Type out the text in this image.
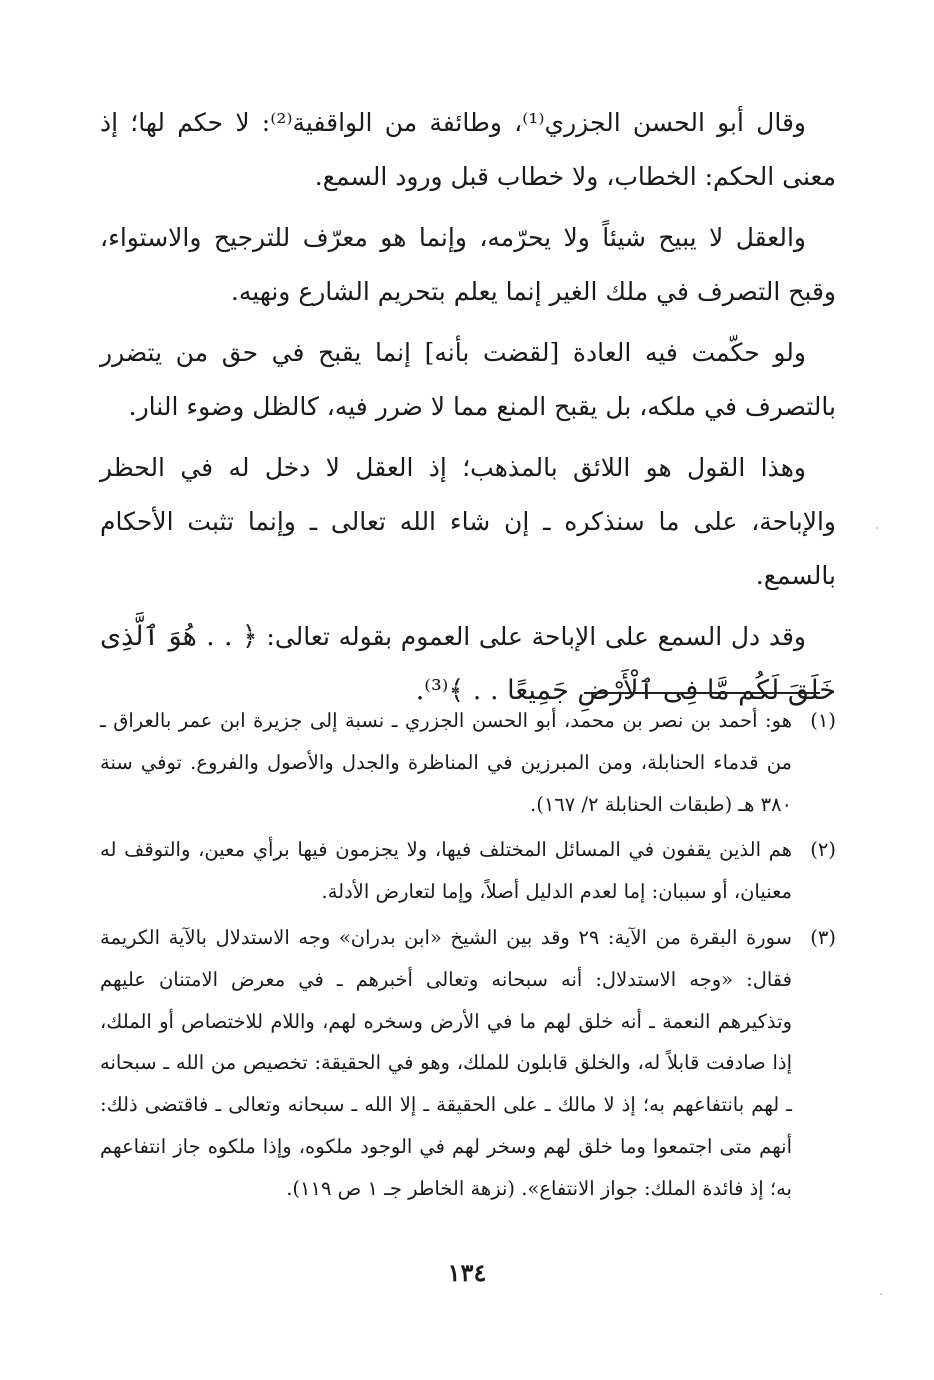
وقال أبو الحسن الجزري⁽¹⁾، وطائفة من الواقفية⁽²⁾: لا حكم لها؛ إذ معنى الحكم: الخطاب، ولا خطاب قبل ورود السمع.

والعقل لا يبيح شيئاً ولا يحرّمه، وإنما هو معرّف للترجيح والاستواء، وقبح التصرف في ملك الغير إنما يعلم بتحريم الشارع ونهيه.

ولو حكّمت فيه العادة [لقضت بأنه] إنما يقبح في حق من يتضرر بالتصرف في ملكه، بل يقبح المنع مما لا ضرر فيه، كالظل وضوء النار.

وهذا القول هو اللائق بالمذهب؛ إذ العقل لا دخل له في الحظر والإباحة، على ما سنذكره ـ إن شاء الله تعالى ـ وإنما تثبت الأحكام بالسمع.

وقد دل السمع على الإباحة على العموم بقوله تعالى: ﴿ . . هُوَ ٱلَّذِى خَلَقَ لَكُم مَّا فِى ٱلْأَرْضِ جَمِيعًا . . ﴾⁽³⁾.

(١)
هو: أحمد بن نصر بن محمد، أبو الحسن الجزري ـ نسبة إلى جزيرة ابن عمر بالعراق ـ من قدماء الحنابلة، ومن المبرزين في المناظرة والجدل والأصول والفروع. توفي سنة ٣٨٠ هـ (طبقات الحنابلة ٢/ ١٦٧).
(٢)
هم الذين يقفون في المسائل المختلف فيها، ولا يجزمون فيها برأي معين، والتوقف له معنيان، أو سببان: إما لعدم الدليل أصلاً، وإما لتعارض الأدلة.
(٣)
سورة البقرة من الآية: ٢٩ وقد بين الشيخ «ابن بدران» وجه الاستدلال بالآية الكريمة فقال: «وجه الاستدلال: أنه سبحانه وتعالى أخبرهم ـ في معرض الامتنان عليهم وتذكيرهم النعمة ـ أنه خلق لهم ما في الأرض وسخره لهم، واللام للاختصاص أو الملك، إذا صادفت قابلاً له، والخلق قابلون للملك، وهو في الحقيقة: تخصيص من الله ـ سبحانه ـ لهم بانتفاعهم به؛ إذ لا مالك ـ على الحقيقة ـ إلا الله ـ سبحانه وتعالى ـ فاقتضى ذلك: أنهم متى اجتمعوا وما خلق لهم وسخر لهم في الوجود ملكوه، وإذا ملكوه جاز انتفاعهم به؛ إذ فائدة الملك: جواز الانتفاع». (نزهة الخاطر جـ ١ ص ١١٩).
١٣٤
